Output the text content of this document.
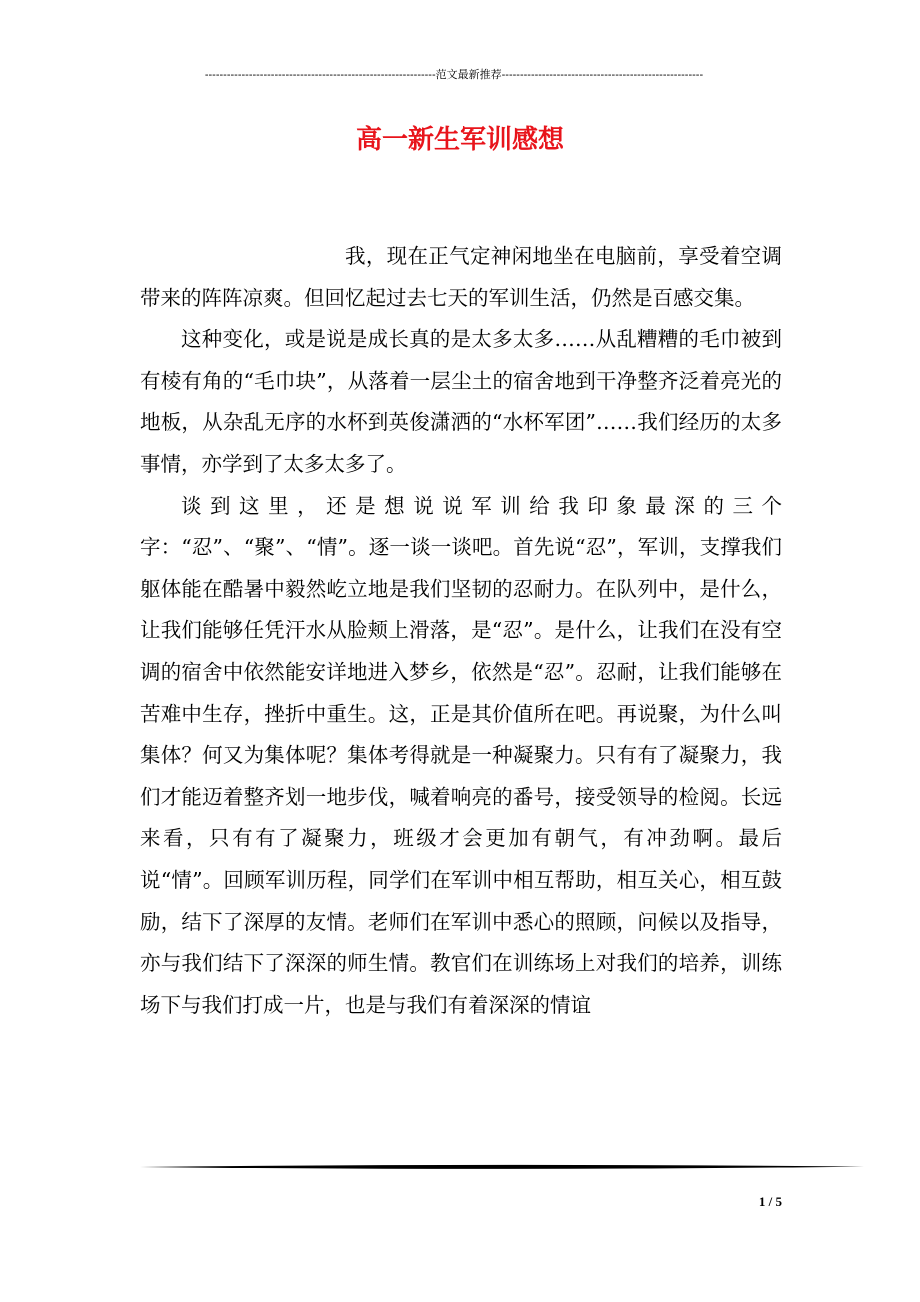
---------------------------------------------------------------范文最新推荐-------------------------------------------------------
高一新生军训感想

我，现在正气定神闲地坐在电脑前，享受着空调带来的阵阵凉爽。但回忆起过去七天的军训生活，仍然是百感交集。

这种变化，或是说是成长真的是太多太多……从乱糟糟的毛巾被到有棱有角的“毛巾块”，从落着一层尘土的宿舍地到干净整齐泛着亮光的地板，从杂乱无序的水杯到英俊潇洒的“水杯军团”……我们经历的太多事情，亦学到了太多太多了。

谈到这里，还是想说说军训给我印象最深的三个字：“忍”、“聚”、“情”。逐一谈一谈吧。首先说“忍”，军训，支撑我们躯体能在酷暑中毅然屹立地是我们坚韧的忍耐力。在队列中，是什么，让我们能够任凭汗水从脸颊上滑落，是“忍”。是什么，让我们在没有空调的宿舍中依然能安详地进入梦乡，依然是“忍”。忍耐，让我们能够在苦难中生存，挫折中重生。这，正是其价值所在吧。再说聚，为什么叫集体？何又为集体呢？集体考得就是一种凝聚力。只有有了凝聚力，我们才能迈着整齐划一地步伐，喊着响亮的番号，接受领导的检阅。长远来看，只有有了凝聚力，班级才会更加有朝气，有冲劲啊。最后说“情”。回顾军训历程，同学们在军训中相互帮助，相互关心，相互鼓励，结下了深厚的友情。老师们在军训中悉心的照顾，问候以及指导，亦与我们结下了深深的师生情。教官们在训练场上对我们的培养，训练场下与我们打成一片，也是与我们有着深深的情谊

1 / 5
